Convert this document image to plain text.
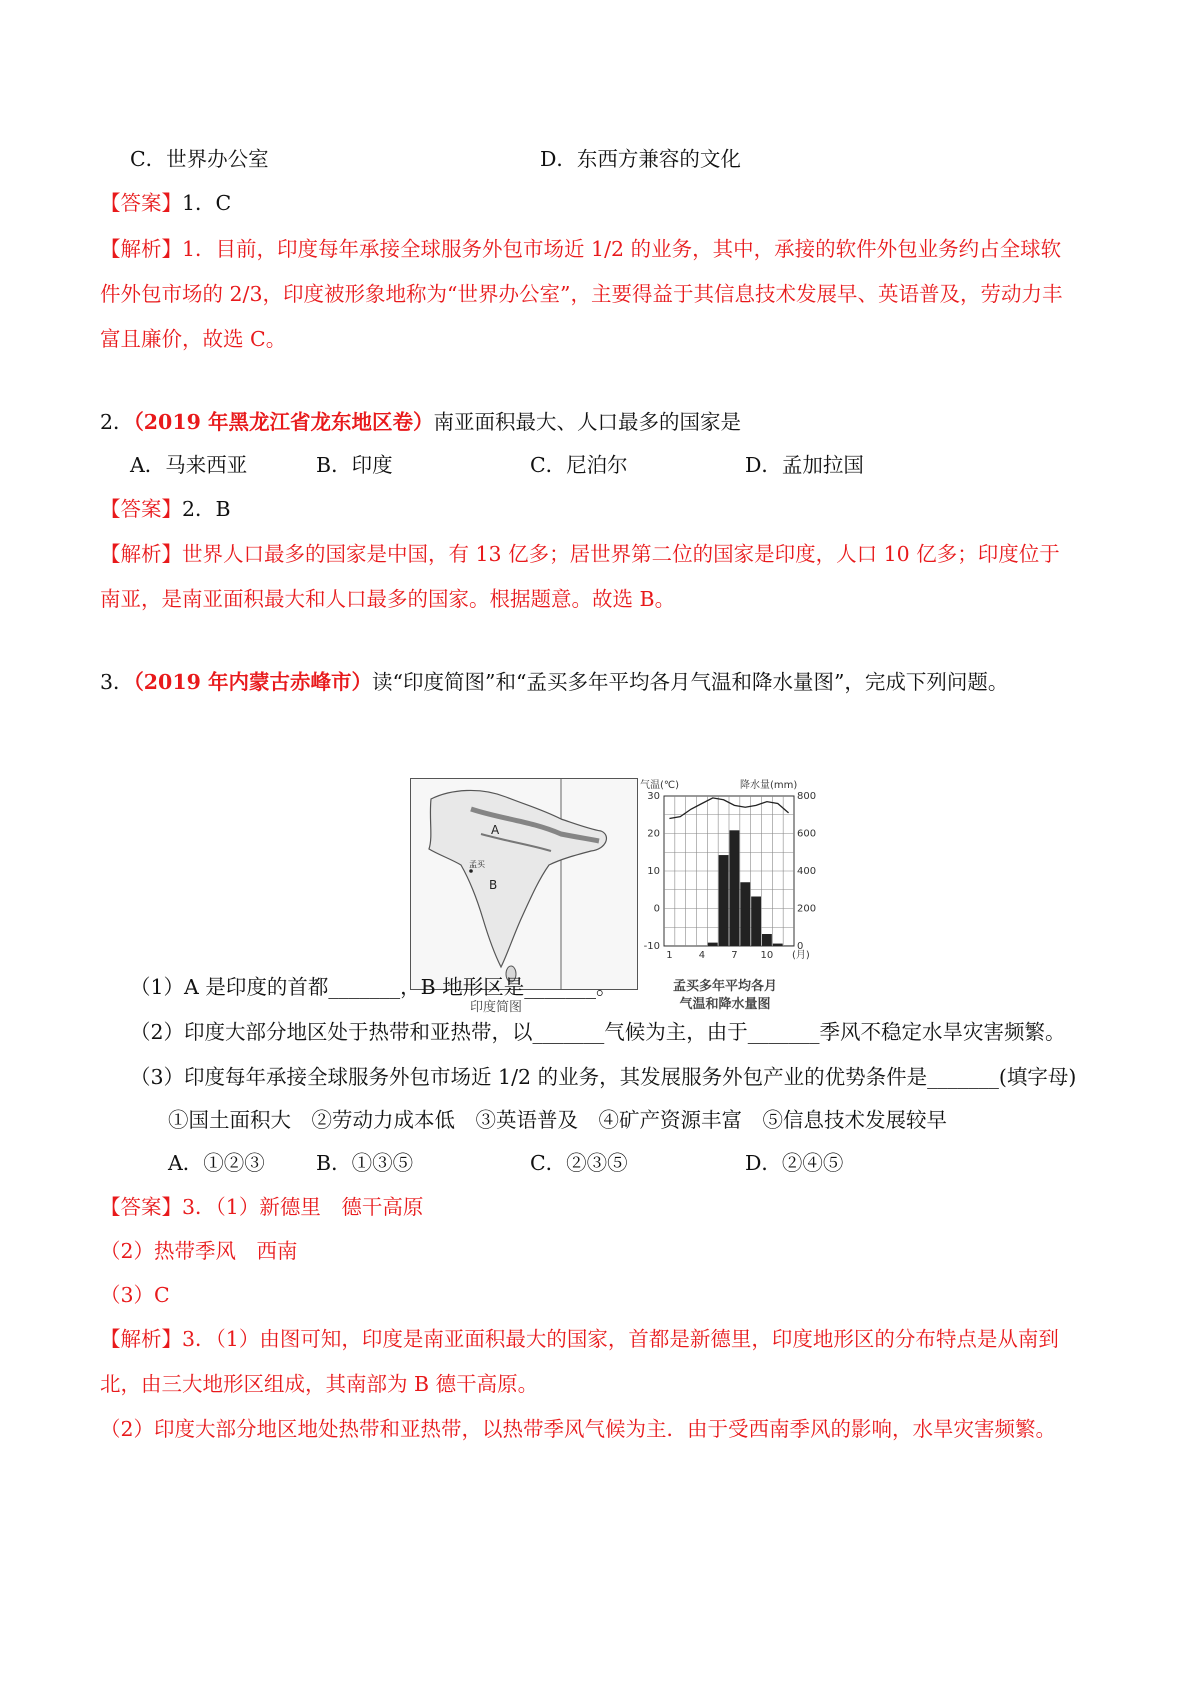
C．世界办公室	D．东西方兼容的文化
【答案】1．C
【解析】1．目前，印度每年承接全球服务外包市场近 1/2 的业务，其中，承接的软件外包业务约占全球软
件外包市场的 2/3，印度被形象地称为“世界办公室”，主要得益于其信息技术发展早、英语普及，劳动力丰
富且廉价，故选 C。
2．（2019 年黑龙江省龙东地区卷）南亚面积最大、人口最多的国家是
A．马来西亚	B．印度	C．尼泊尔	D．孟加拉国
【答案】2．B
【解析】世界人口最多的国家是中国，有 13 亿多；居世界第二位的国家是印度，人口 10 亿多；印度位于
南亚，是南亚面积最大和人口最多的国家。根据题意。故选 B。
3．（2019 年内蒙古赤峰市）读“印度简图”和“孟买多年平均各月气温和降水量图”，完成下列问题。
A
B
孟买
印度简图
气温(℃)	降水量(mm)
-10
0
10
20
30
0
200
400
600
800
1	4	7 10 (月)
孟买多年平均各月
气温和降水量图
（1）A 是印度的首都_______，B 地形区是_______。
（2）印度大部分地区处于热带和亚热带，以_______气候为主，由于_______季风不稳定水旱灾害频繁。
（3）印度每年承接全球服务外包市场近 1/2 的业务，其发展服务外包产业的优势条件是_______(填字母)
①国土面积大　②劳动力成本低　③英语普及　④矿产资源丰富　⑤信息技术发展较早
A．①②③ B．①③⑤	C．②③⑤	D．②④⑤
【答案】3．（1）新德里　德干高原
（2）热带季风　西南
（3）C
【解析】3．（1）由图可知，印度是南亚面积最大的国家，首都是新德里，印度地形区的分布特点是从南到
北，由三大地形区组成，其南部为 B 德干高原。
（2）印度大部分地区地处热带和亚热带，以热带季风气候为主．由于受西南季风的影响，水旱灾害频繁。
